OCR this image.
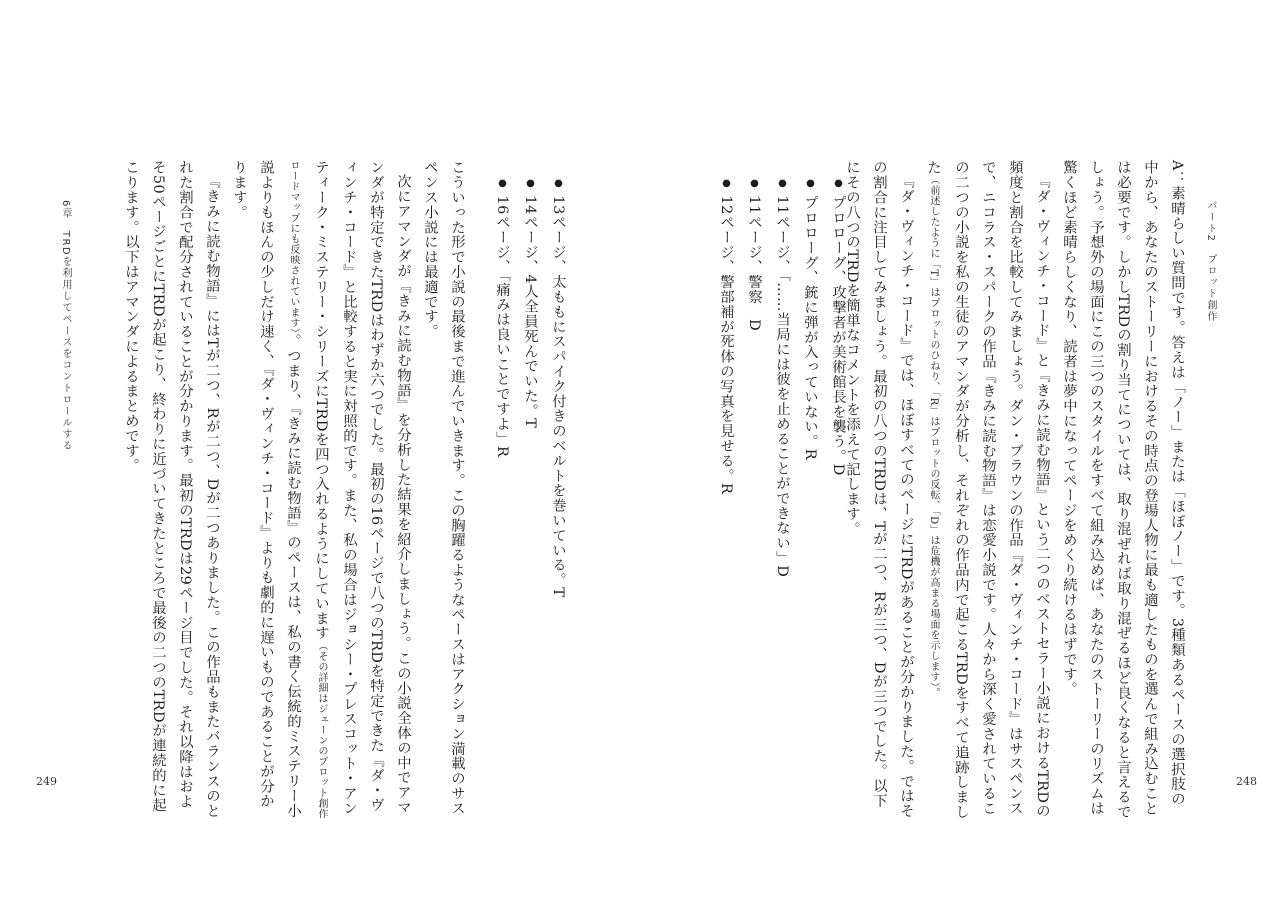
パート2　プロット創作

A：素晴らしい質問です。答えは「ノー」または「ほぼノー」です。3種類あるペースの選択肢の中から、あなたのストーリーにおけるその時点の登場人物に最も適したものを選んで組み込むことは必要です。しかしTRDの割り当てについては、取り混ぜれば取り混ぜるほど良くなると言えるでしょう。予想外の場面にこの三つのスタイルをすべて組み込めば、あなたのストーリーのリズムは驚くほど素晴らしくなり、読者は夢中になってページをめくり続けるはずです。

『ダ・ヴィンチ・コード』と『きみに読む物語』という二つのベストセラー小説におけるTRDの頻度と割合を比較してみましょう。ダン・ブラウンの作品『ダ・ヴィンチ・コード』はサスペンスで、ニコラス・スパークの作品『きみに読む物語』は恋愛小説です。人々から深く愛されているこの二つの小説を私の生徒のアマンダが分析し、それぞれの作品内で起こるTRDをすべて追跡しました（前述したように「T」はプロットのひねり、「R」はプロットの反転、「D」は危機が高まる場面を示します）。

『ダ・ヴィンチ・コード』では、ほぼすべてのページにTRDがあることが分かりました。ではその割合に注目してみましょう。最初の八つのTRDは、Tが二つ、Rが三つ、Dが三つでした。以下にその八つのTRDを簡単なコメントを添えて記します。

●プロローグ、攻撃者が美術館長を襲う。D
●プロローグ、銃に弾が入っていない。R
●11ページ、「……当局には彼を止めることができない」D
●11ページ、警察　D
●12ページ、警部補が死体の写真を見せる。R
248
●13ページ、太ももにスパイク付きのベルトを巻いている。T
●14ページ、4人全員死んでいた。T
●16ページ、「痛みは良いことですよ」R

こういった形で小説の最後まで進んでいきます。この胸躍るようなペースはアクション満載のサスペンス小説には最適です。

次にアマンダが『きみに読む物語』を分析した結果を紹介しましょう。この小説全体の中でアマンダが特定できたTRDはわずか六つでした。最初の16ページで八つのTRDを特定できた『ダ・ヴィンチ・コード』と比較すると実に対照的です。また、私の場合はジョシー・プレスコット・アンティーク・ミステリー・シリーズにTRDを四つ入れるようにしています（その詳細はジェーンのプロット創作ロードマップにも反映されています）。つまり、『きみに読む物語』のペースは、私の書く伝統的ミステリー小説よりもほんの少しだけ速く、『ダ・ヴィンチ・コード』よりも劇的に遅いものであることが分かります。

『きみに読む物語』にはTが二つ、Rが二つ、Dが二つありました。この作品もまたバランスのとれた割合で配分されていることが分かります。最初のTRDは29ページ目でした。それ以降はおよそ50ページごとにTRDが起こり、終わりに近づいてきたところで最後の二つのTRDが連続的に起こります。以下はアマンダによるまとめです。

6章　TRDを利用してペースをコントロールする
249
